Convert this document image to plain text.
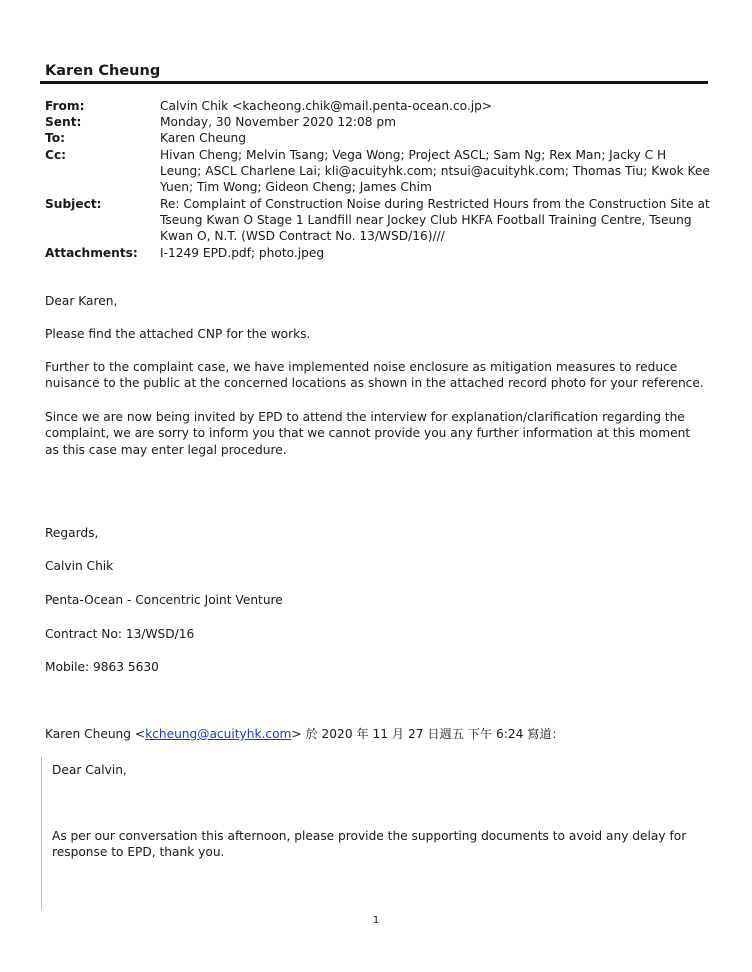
Karen Cheung
From:	Calvin Chik <kacheong.chik@mail.penta-ocean.co.jp>
Sent:	Monday, 30 November 2020 12:08 pm
To:	Karen Cheung
Cc:	Hivan Cheng; Melvin Tsang; Vega Wong; Project ASCL; Sam Ng; Rex Man; Jacky C H Leung; ASCL Charlene Lai; kli@acuityhk.com; ntsui@acuityhk.com; Thomas Tiu; Kwok Kee Yuen; Tim Wong; Gideon Cheng; James Chim
Subject:	Re: Complaint of Construction Noise during Restricted Hours from the Construction Site at Tseung Kwan O Stage 1 Landfill near Jockey Club HKFA Football Training Centre, Tseung Kwan O, N.T. (WSD Contract No. 13/WSD/16)///
Attachments: I-1249 EPD.pdf; photo.jpeg
Dear Karen,
Please find the attached CNP for the works.
Further to the complaint case, we have implemented noise enclosure as mitigation measures to reduce nuisance to the public at the concerned locations as shown in the attached record photo for your reference.
Since we are now being invited by EPD to attend the interview for explanation/clarification regarding the complaint, we are sorry to inform you that we cannot provide you any further information at this moment as this case may enter legal procedure.
Regards,
Calvin Chik
Penta-Ocean - Concentric Joint Venture
Contract No: 13/WSD/16
Mobile: 9863 5630
Karen Cheung <kcheung@acuityhk.com> 於 2020 年 11 月 27 日週五 下午 6:24 寫道：
Dear Calvin,
As per our conversation this afternoon, please provide the supporting documents to avoid any delay for response to EPD, thank you.
1
